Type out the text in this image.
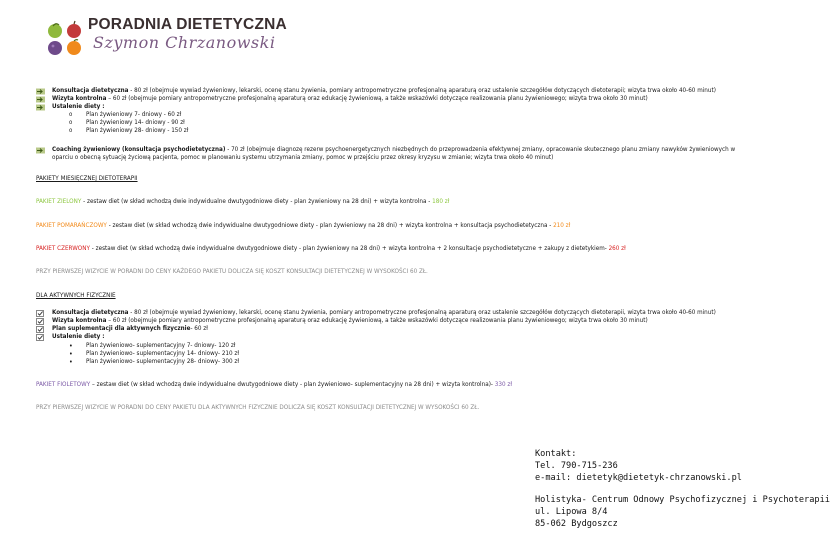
PORADNIA DIETETYCZNA
Szymon Chrzanowski
Konsultacja dietetyczna - 80 zł (obejmuje wywiad żywieniowy, lekarski, ocenę stanu żywienia, pomiary antropometryczne profesjonalną aparaturą oraz ustalenie szczegółów dotyczących dietoterapii; wizyta trwa około 40-60 minut)
Wizyta kontrolna – 60 zł (obejmuje pomiary antropometryczne profesjonalną aparaturą oraz edukację żywieniową, a także wskazówki dotyczące realizowania planu żywieniowego; wizyta trwa około 30 minut)
Ustalenie diety :
o Plan żywieniowy 7- dniowy - 60 zł
o Plan żywieniowy 14- dniowy - 90 zł
o Plan żywieniowy 28- dniowy - 150 zł
Coaching żywieniowy (konsultacja psychodietetyczna) - 70 zł (obejmuje diagnozę rezerw psychoenergetycznych niezbędnych do przeprowadzenia efektywnej zmiany, opracowanie skutecznego planu zmiany nawyków żywieniowych w
oparciu o obecną sytuację życiową pacjenta, pomoc w planowaniu systemu utrzymania zmiany, pomoc w przejściu przez okresy kryzysu w zmianie; wizyta trwa około 40 minut)
PAKIETY MIESIĘCZNEJ DIETOTERAPII
PAKIET ZIELONY - zestaw diet (w skład wchodzą dwie indywidualne dwutygodniowe diety - plan żywieniowy na 28 dni) + wizyta kontrolna - 180 zł
PAKIET POMARAŃCZOWY - zestaw diet (w skład wchodzą dwie indywidualne dwutygodniowe diety - plan żywieniowy na 28 dni) + wizyta kontrolna + konsultacja psychodietetyczna - 210 zł
PAKIET CZERWONY - zestaw diet (w skład wchodzą dwie indywidualne dwutygodniowe diety - plan żywieniowy na 28 dni) + wizyta kontrolna + 2 konsultacje psychodietetyczne + zakupy z dietetykiem- 260 zł
PRZY PIERWSZEJ WIZYCIE W PORADNI DO CENY KAŻDEGO PAKIETU DOLICZA SIĘ KOSZT KONSULTACJI DIETETYCZNEJ W WYSOKOŚCI 60 ZŁ.
DLA AKTYWNYCH FIZYCZNIE
Konsultacja dietetyczna - 80 zł (obejmuje wywiad żywieniowy, lekarski, ocenę stanu żywienia, pomiary antropometryczne profesjonalną aparaturą oraz ustalenie szczegółów dotyczących dietoterapii, wizyta trwa około 40-60 minut)
Wizyta kontrolna – 60 zł (obejmuje pomiary antropometryczne profesjonalną aparaturą oraz edukację żywieniową, a także wskazówki dotyczące realizowania planu żywieniowego; wizyta trwa około 30 minut)
Plan suplementacji dla aktywnych fizycznie- 60 zł
Ustalenie diety :
• Plan żywieniowo- suplementacyjny 7- dniowy- 120 zł
• Plan żywieniowo- suplementacyjny 14- dniowy- 210 zł
• Plan żywieniowo- suplementacyjny 28- dniowy- 300 zł
PAKIET FIOLETOWY – zestaw diet (w skład wchodzą dwie indywidualne dwutygodniowe diety - plan żywieniowo- suplementacyjny na 28 dni) + wizyta kontrolna)- 330 zł
PRZY PIERWSZEJ WIZYCIE W PORADNI DO CENY PAKIETU DLA AKTYWNYCH FIZYCZNIE DOLICZA SIĘ KOSZT KONSULTACJI DIETETYCZNEJ W WYSOKOŚCI 60 ZŁ.
Kontakt:
Tel. 790-715-236
e-mail: dietetyk@dietetyk-chrzanowski.pl
Holistyka- Centrum Odnowy Psychofizycznej i Psychoterapii
ul. Lipowa 8/4
85-062 Bydgoszcz
